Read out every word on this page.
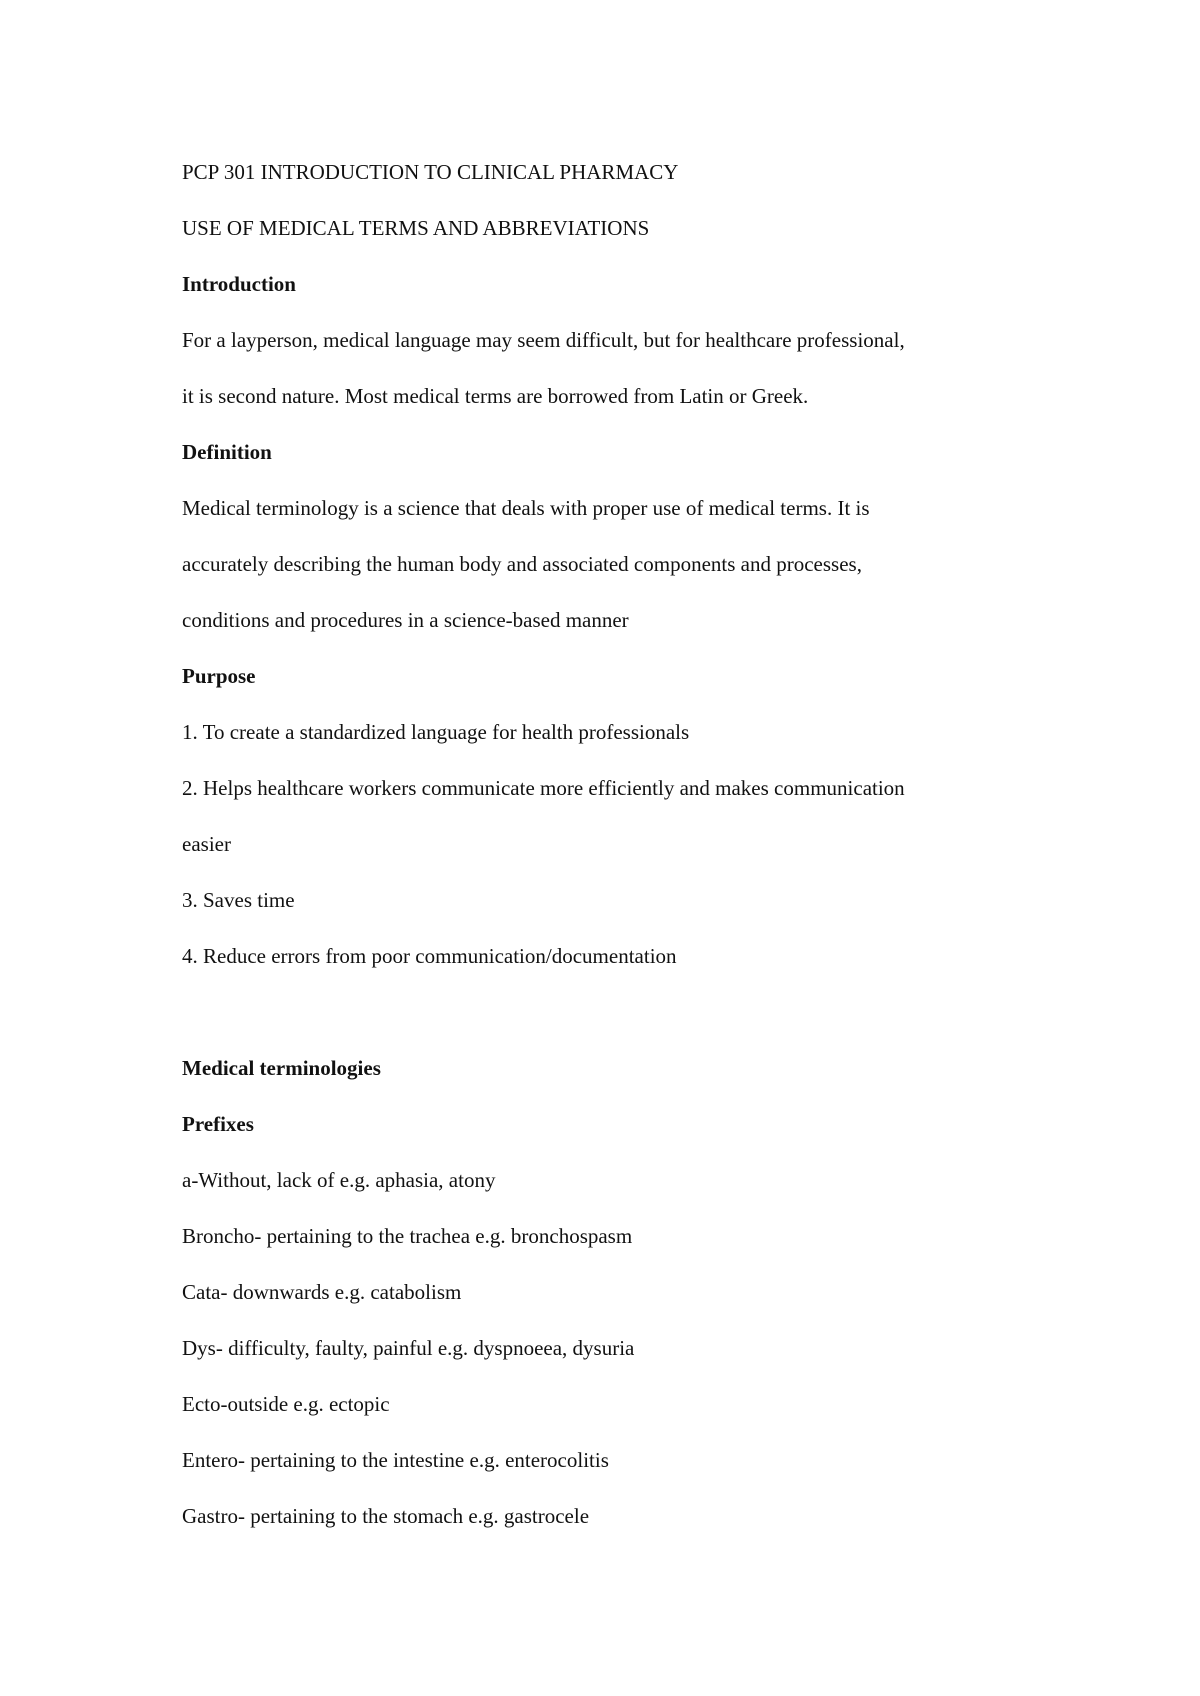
PCP 301 INTRODUCTION TO CLINICAL PHARMACY

USE OF MEDICAL TERMS AND ABBREVIATIONS

Introduction

For a layperson, medical language may seem difficult, but for healthcare professional,

it is second nature. Most medical terms are borrowed from Latin or Greek.

Definition

Medical terminology is a science that deals with proper use of medical terms. It is

accurately describing the human body and associated components and processes,

conditions and procedures in a science-based manner

Purpose

1. To create a standardized language for health professionals

2. Helps healthcare workers communicate more efficiently and makes communication

easier

3. Saves time

4. Reduce errors from poor communication/documentation

Medical terminologies

Prefixes

a-Without, lack of e.g. aphasia, atony

Broncho- pertaining to the trachea e.g. bronchospasm

Cata- downwards e.g. catabolism

Dys- difficulty, faulty, painful e.g. dyspnoeea, dysuria

Ecto-outside e.g. ectopic

Entero- pertaining to the intestine e.g. enterocolitis

Gastro- pertaining to the stomach e.g. gastrocele
